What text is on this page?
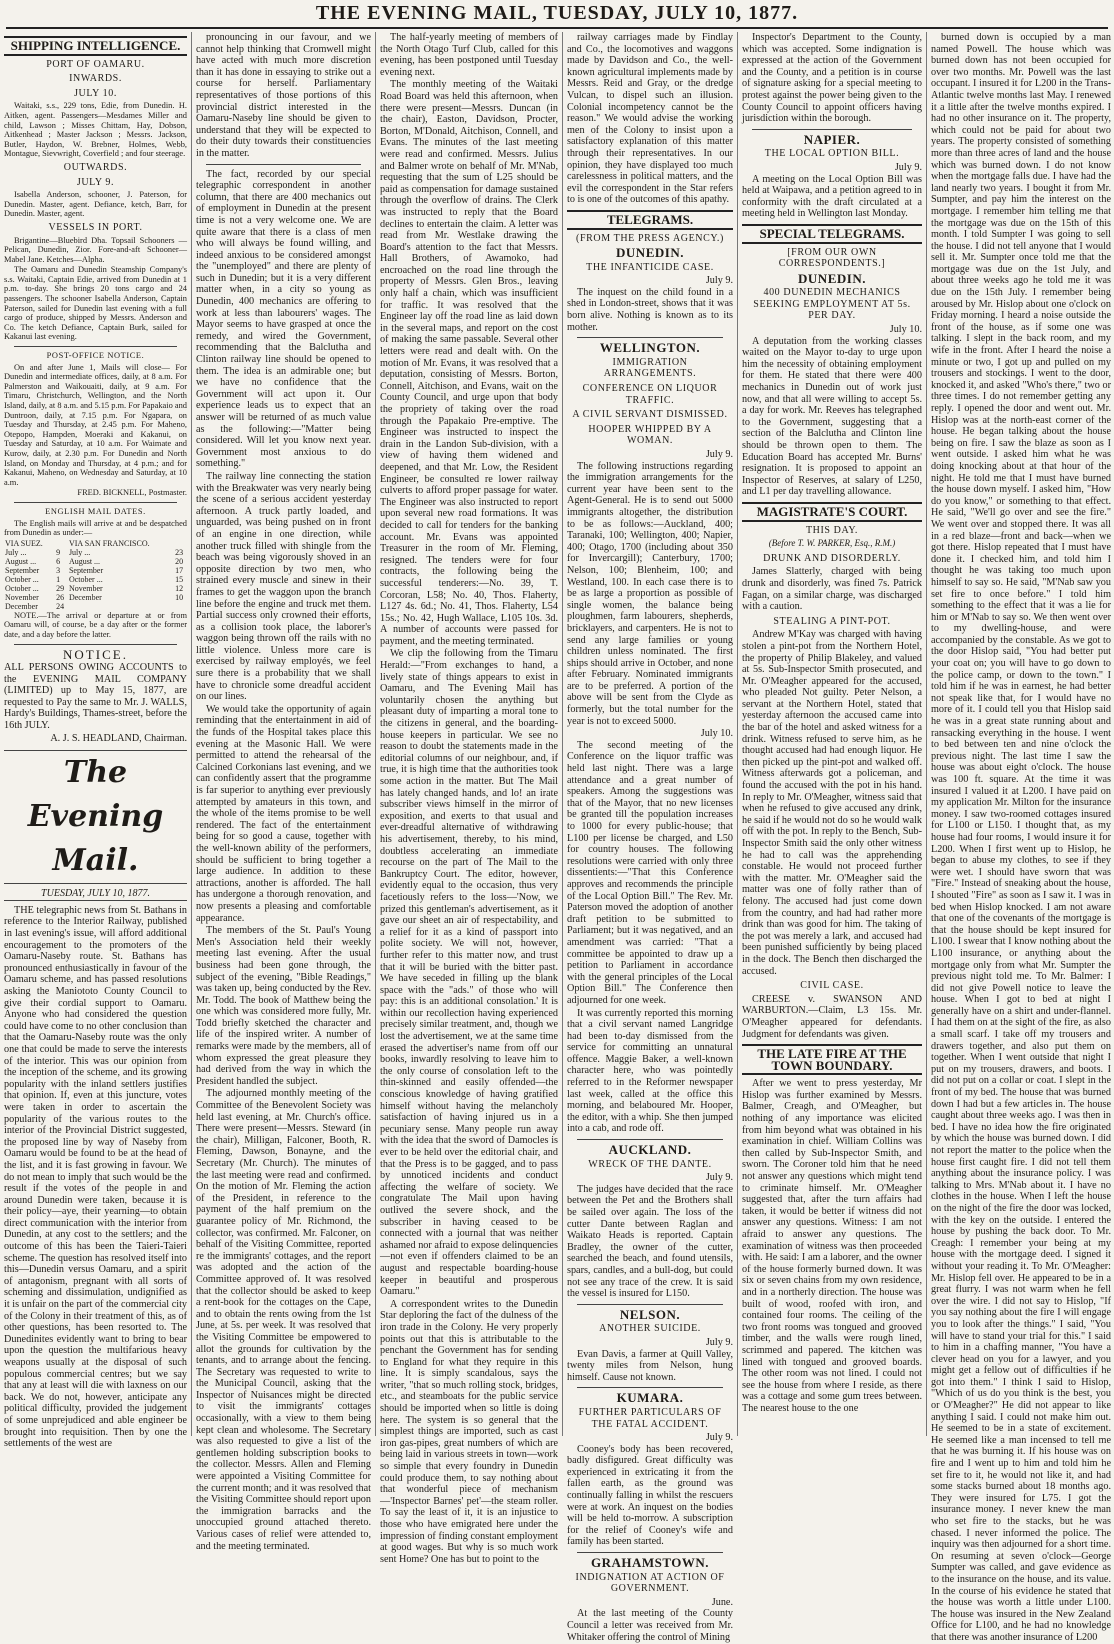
THE EVENING MAIL, TUESDAY, JULY 10, 1877.
SHIPPING INTELLIGENCE.
PORT OF OAMARU.
INWARDS.
JULY 10.

Waitaki, s.s., 229 tons, Edie, from Dunedin. H. Aitken, agent. Passengers—Mesdames Miller and child, Lawson ; Misses Chittam, Hay, Dobson, Aitkenhead ; Master Jackson ; Messrs. Jackson, Butler, Haydon, W. Brebner, Holmes, Webb, Montague, Sievwright, Coverfield ; and four steerage.

OUTWARDS.
JULY 9.

Isabella Anderson, schooner, J. Paterson, for Dunedin. Master, agent. Defiance, ketch, Barr, for Dunedin. Master, agent.

VESSELS IN PORT.

Brigantine—Bluebird Dha. Topsail Schooners — Pelican, Dunedin, Zior. Fore-and-aft Schooner—Mabel Jane. Ketches—Alpha.

The Oamaru and Dunedin Steamship Company's s.s. Waitaki, Captain Edie, arrived from Dunedin at 1 p.m. to-day. She brings 20 tons cargo and 24 passengers. The schooner Isabella Anderson, Captain Paterson, sailed for Dunedin last evening with a full cargo of produce, shipped by Messrs. Anderson and Co. The ketch Defiance, Captain Burk, sailed for Kakanui last evening.

POST-OFFICE NOTICE.

On and after June 1, Mails will close— For Dunedin and intermediate offices, daily, at 8 a.m. For Palmerston and Waikouaiti, daily, at 9 a.m. For Timaru, Christchurch, Wellington, and the North Island, daily, at 8 a.m. and 5.15 p.m. For Papakaio and Duntroon, daily, at 7.15 p.m. For Ngapara, on Tuesday and Thursday, at 2.45 p.m. For Maheno, Otepopo, Hampden, Moeraki and Kakanui, on Tuesday and Saturday, at 10 a.m. For Waimate and Kurow, daily, at 2.30 p.m. For Dunedin and North Island, on Monday and Thursday, at 4 p.m.; and for Kakanui, Maheno, on Wednesday and Saturday, at 10 a.m.

FRED. BICKNELL, Postmaster.
ENGLISH MAIL DATES.

The English mails will arrive at and be despatched from Dunedin as under:—

VIA SUEZ.		VIA SAN FRANCISCO.	
July ...	9	July ...	23
August ...	6	August ...	20
September	3	September	17
October ...	1	October ...	15
October ...	29	November	12
November	26	December	10
December	24		

NOTE.—The arrival or departure at or from Oamaru will, of course, be a day after or the former date, and a day before the latter.

NOTICE.

ALL PERSONS OWING ACCOUNTS to the EVENING MAIL COMPANY (LIMITED) up to May 15, 1877, are requested to Pay the same to Mr. J. WALLS, Hardy's Buildings, Thames-street, before the 16th JULY.

A. J. S. HEADLAND, Chairman.
The Evening Mail.
TUESDAY, JULY 10, 1877.

THE telegraphic news from St. Bathans in reference to the Interior Railway, published in last evening's issue, will afford additional encouragement to the promoters of the Oamaru-Naseby route. St. Bathans has pronounced enthusiastically in favour of the Oamaru scheme, and has passed resolutions asking the Maniototo County Council to give their cordial support to Oamaru. Anyone who had considered the question could have come to no other conclusion than that the Oamaru-Naseby route was the only one that could be made to serve the interests of the interior. This was our opinion from the inception of the scheme, and its growing popularity with the inland settlers justifies that opinion. If, even at this juncture, votes were taken in order to ascertain the popularity of the various routes to the interior of the Provincial District suggested, the proposed line by way of Naseby from Oamaru would be found to be at the head of the list, and it is fast growing in favour. We do not mean to imply that such would be the result if the votes of the people in and around Dunedin were taken, because it is their policy—aye, their yearning—to obtain direct communication with the interior from Dunedin, at any cost to the settlers; and the outcome of this has been the Taieri-Taieri scheme. The question has resolved itself into this—Dunedin versus Oamaru, and a spirit of antagonism, pregnant with all sorts of scheming and dissimulation, undignified as it is unfair on the part of the commercial city of the Colony in their treatment of this, as of other questions, has been resorted to. The Dunedinites evidently want to bring to bear upon the question the multifarious heavy weapons usually at the disposal of such populous commercial centres; but we say that any at least will die with laxness on our back. We do not, however, anticipate any political difficulty, provided the judgement of some unprejudiced and able engineer be brought into requisition. Then by one the settlements of the west are

pronouncing in our favour, and we cannot help thinking that Cromwell might have acted with much more discretion than it has done in essaying to strike out a course for herself. Parliamentary representatives of those portions of this provincial district interested in the Oamaru-Naseby line should be given to understand that they will be expected to do their duty towards their constituencies in the matter.

The fact, recorded by our special telegraphic correspondent in another column, that there are 400 mechanics out of employment in Dunedin at the present time is not a very welcome one. We are quite aware that there is a class of men who will always be found willing, and indeed anxious to be considered amongst the "unemployed" and there are plenty of such in Dunedin; but it is a very different matter when, in a city so young as Dunedin, 400 mechanics are offering to work at less than labourers' wages. The Mayor seems to have grasped at once the remedy, and wired the Government, recommending that the Balclutha and Clinton railway line should be opened to them. The idea is an admirable one; but we have no confidence that the Government will act upon it. Our experience leads us to expect that an answer will be returned of as much value as the following:—"Matter being considered. Will let you know next year. Government most anxious to do something."

The railway line connecting the station with the Breakwater was very nearly being the scene of a serious accident yesterday afternoon. A truck partly loaded, and unguarded, was being pushed on in front of an engine in one direction, while another truck filled with shingle from the beach was being vigorously shoved in an opposite direction by two men, who strained every muscle and sinew in their frames to get the waggon upon the branch line before the engine and truck met them. Partial success only crowned their efforts, as a collision took place, the laborer's waggon being thrown off the rails with no little violence. Unless more care is exercised by railway employés, we feel sure there is a probability that we shall have to chronicle some dreadful accident on our lines.

We would take the opportunity of again reminding that the entertainment in aid of the funds of the Hospital takes place this evening at the Masonic Hall. We were permitted to attend the rehearsal of the Calcined Corkonians last evening, and we can confidently assert that the programme is far superior to anything ever previously attempted by amateurs in this town, and the whole of the items promise to be well rendered. The fact of the entertainment being for so good a cause, together with the well-known ability of the performers, should be sufficient to bring together a large audience. In addition to these attractions, another is afforded. The hall has undergone a thorough renovation, and now presents a pleasing and comfortable appearance.

The members of the St. Paul's Young Men's Association held their weekly meeting last evening. After the usual business had been gone through, the subject of the evening, "Bible Readings," was taken up, being conducted by the Rev. Mr. Todd. The book of Matthew being the one which was considered more fully, Mr. Todd briefly sketched the character and life of the inspired writer. A number of remarks were made by the members, all of whom expressed the great pleasure they had derived from the way in which the President handled the subject.

The adjourned monthly meeting of the Committee of the Benevolent Society was held last evening, at Mr. Church's office. There were present—Messrs. Steward (in the chair), Milligan, Falconer, Booth, R. Fleming, Dawson, Bonayne, and the Secretary (Mr. Church). The minutes of the last meeting were read and confirmed. On the motion of Mr. Fleming the action of the President, in reference to the payment of the half premium on the guarantee policy of Mr. Richmond, the collector, was confirmed. Mr. Falconer, on behalf of the Visiting Committee, reported re the immigrants' cottages, and the report was adopted and the action of the Committee approved of. It was resolved that the collector should be asked to keep a rent-book for the cottages on the Cape, and to obtain the rents owing from the 1st June, at 5s. per week. It was resolved that the Visiting Committee be empowered to allot the grounds for cultivation by the tenants, and to arrange about the fencing. The Secretary was requested to write to the Municipal Council, asking that the Inspector of Nuisances might be directed to visit the immigrants' cottages occasionally, with a view to them being kept clean and wholesome. The Secretary was also requested to give a list of the gentlemen holding subscription books to the collector. Messrs. Allen and Fleming were appointed a Visiting Committee for the current month; and it was resolved that the Visiting Committee should report upon the immigration barracks and the unoccupied ground attached thereto. Various cases of relief were attended to, and the meeting terminated.

The half-yearly meeting of members of the North Otago Turf Club, called for this evening, has been postponed until Tuesday evening next.

The monthly meeting of the Waitaki Road Board was held this afternoon, when there were present—Messrs. Duncan (in the chair), Easton, Davidson, Procter, Borton, M'Donald, Aitchison, Connell, and Evans. The minutes of the last meeting were read and confirmed. Messrs. Julius and Balmer wrote on behalf of Mr. M'Nab, requesting that the sum of L25 should be paid as compensation for damage sustained through the overflow of drains. The Clerk was instructed to reply that the Board declines to entertain the claim. A letter was read from Mr. Westlake drawing the Board's attention to the fact that Messrs. Hall Brothers, of Awamoko, had encroached on the road line through the property of Messrs. Glen Bros., leaving only half a chain, which was insufficient for traffic. It was resolved that the Engineer lay off the road line as laid down in the several maps, and report on the cost of making the same passable. Several other letters were read and dealt with. On the motion of Mr. Evans, it was resolved that a deputation, consisting of Messrs. Borton, Connell, Aitchison, and Evans, wait on the County Council, and urge upon that body the propriety of taking over the road through the Papakaio Pre-emptive. The Engineer was instructed to inspect the drain in the Landon Sub-division, with a view of having them widened and deepened, and that Mr. Low, the Resident Engineer, be consulted re lower railway culverts to afford proper passage for water. The Engineer was also instructed to report upon several new road formations. It was decided to call for tenders for the banking account. Mr. Evans was appointed Treasurer in the room of Mr. Fleming, resigned. The tenders were for four contracts, the following being the successful tenderers:—No. 39, T. Corcoran, L58; No. 40, Thos. Flaherty, L127 4s. 6d.; No. 41, Thos. Flaherty, L54 15s.; No. 42, Hugh Wallace, L105 10s. 3d. A number of accounts were passed for payment, and the meeting terminated.

We clip the following from the Timaru Herald:—"From exchanges to hand, a lively state of things appears to exist in Oamaru, and The Evening Mail has voluntarily chosen the anything but pleasant duty of imparting a moral tone to the citizens in general, and the boarding-house keepers in particular. We see no reason to doubt the statements made in the editorial columns of our neighbour, and, if true, it is high time that the authorities took some action in the matter. But The Mail has lately changed hands, and lo! an irate subscriber views himself in the mirror of exposition, and exerts to that usual and ever-dreadful alternative of withdrawing his advertisement, thereby, to his mind, doubtless accelerating an immediate recourse on the part of The Mail to the Bankruptcy Court. The editor, however, evidently equal to the occasion, thus very facetiously refers to the loss—'Now, we prized this gentleman's advertisement, as it gave our sheet an air of respectability, and a relief for it as a kind of passport into polite society. We will not, however, further refer to this matter now, and trust that it will be buried with the bitter past. We have seceded in filling up the blank space with the "ads." of those who will pay: this is an additional consolation.' It is within our recollection having experienced precisely similar treatment, and, though we lost the advertisement, we at the same time erased the advertiser's name from off our books, inwardly resolving to leave him to the only course of consolation left to the thin-skinned and easily offended—the conscious knowledge of having gratified himself without having the melancholy satisfaction of having injured us in a pecuniary sense. Many people run away with the idea that the sword of Damocles is ever to be held over the editorial chair, and that the Press is to be gagged, and to pass by unnoticed incidents and conduct affecting the welfare of society. We congratulate The Mail upon having outlived the severe shock, and the subscriber in having ceased to be connected with a journal that was neither ashamed nor afraid to expose delinquencies—not even if offenders claimed to be an august and respectable boarding-house keeper in beautiful and prosperous Oamaru."

A correspondent writes to the Dunedin Star deploring the fact of the dulness of the iron trade in the Colony. He very properly points out that this is attributable to the penchant the Government has for sending to England for what they require in this line. It is simply scandalous, says the writer, "that so much rolling stock, bridges, etc., and steamboats for the public service should be imported when so little is doing here. The system is so general that the simplest things are imported, such as cast iron gas-pipes, great numbers of which are being laid in various streets in town—work so simple that every foundry in Dunedin could produce them, to say nothing about that wonderful piece of mechanism—'Inspector Barnes' pet'—the steam roller. To say the least of it, it is an injustice to those who have emigrated here under the impression of finding constant employment at good wages. But why is so much work sent Home? One has but to point to the

railway carriages made by Findlay and Co., the locomotives and waggons made by Davidson and Co., the well-known agricultural implements made by Messrs. Reid and Gray, or the dredge Vulcan, to dispel such an illusion. Colonial incompetency cannot be the reason." We would advise the working men of the Colony to insist upon a satisfactory explanation of this matter through their representatives. In our opinion, they have displayed too much carelessness in political matters, and the evil the correspondent in the Star refers to is one of the outcomes of this apathy.

TELEGRAMS.
(FROM THE PRESS AGENCY.)
DUNEDIN.
THE INFANTICIDE CASE.
July 9.

The inquest on the child found in a shed in London-street, shows that it was born alive. Nothing is known as to its mother.

WELLINGTON.
IMMIGRATION ARRANGEMENTS.
CONFERENCE ON LIQUOR TRAFFIC.
A CIVIL SERVANT DISMISSED.
HOOPER WHIPPED BY A WOMAN.
July 9.

The following instructions regarding the immigration arrangements for the current year have been sent to the Agent-General. He is to send out 5000 immigrants altogether, the distribution to be as follows:—Auckland, 400; Taranaki, 100; Wellington, 400; Napier, 400; Otago, 1700 (including about 350 for Invercargill); Canterbury, 1700; Nelson, 100; Blenheim, 100; and Westland, 100. In each case there is to be as large a proportion as possible of single women, the balance being ploughmen, farm labourers, shepherds, bricklayers, and carpenters. He is not to send any large families or young children unless nominated. The first ships should arrive in October, and none after February. Nominated immigrants are to be preferred. A portion of the above will be sent from the Clyde as formerly, but the total number for the year is not to exceed 5000.

July 10.

The second meeting of the Conference on the liquor traffic was held last night. There was a large attendance and a great number of speakers. Among the suggestions was that of the Mayor, that no new licenses be granted till the population increases to 1000 for every public-house; that L100 per license be charged, and L50 for country houses. The following resolutions were carried with only three dissentients:—"That this Conference approves and recommends the principle of the Local Option Bill." The Rev. Mr. Paterson moved the adoption of another draft petition to be submitted to Parliament; but it was negatived, and an amendment was carried: "That a committee be appointed to draw up a petition to Parliament in accordance with the general principles of the Local Option Bill." The Conference then adjourned for one week.

It was currently reported this morning that a civil servant named Langridge had been to-day dismissed from the service for committing an unnatural offence. Maggie Baker, a well-known character here, who was pointedly referred to in the Reformer newspaper last week, called at the office this morning, and belaboured Mr. Hooper, the editor, with a whip. She then jumped into a cab, and rode off.

AUCKLAND.
WRECK OF THE DANTE.
July 9.

The judges have decided that the race between the Pet and the Brothers shall be sailed over again. The loss of the cutter Dante between Raglan and Waikato Heads is reported. Captain Bradley, the owner of the cutter, searched the beach, and found utensils, spars, candles, and a bull-dog, but could not see any trace of the crew. It is said the vessel is insured for L150.

NELSON.
ANOTHER SUICIDE.
July 9.

Evan Davis, a farmer at Quill Valley, twenty miles from Nelson, hung himself. Cause not known.

KUMARA.
FURTHER PARTICULARS OF THE FATAL ACCIDENT.
July 9.

Cooney's body has been recovered, badly disfigured. Great difficulty was experienced in extricating it from the fallen earth, as the ground was continually falling in whilst the rescuers were at work. An inquest on the bodies will be held to-morrow. A subscription for the relief of Cooney's wife and family has been started.

GRAHAMSTOWN.
INDIGNATION AT ACTION OF GOVERNMENT.
June.

At the last meeting of the County Council a letter was received from Mr. Whitaker offering the control of Mining

Inspector's Department to the County, which was accepted. Some indignation is expressed at the action of the Government and the County, and a petition is in course of signature asking for a special meeting to protest against the power being given to the County Council to appoint officers having jurisdiction within the borough.

NAPIER.
THE LOCAL OPTION BILL.
July 9.

A meeting on the Local Option Bill was held at Waipawa, and a petition agreed to in conformity with the draft circulated at a meeting held in Wellington last Monday.

SPECIAL TELEGRAMS.
[FROM OUR OWN CORRESPONDENTS.]
DUNEDIN.
400 DUNEDIN MECHANICS SEEKING EMPLOYMENT AT 5s. PER DAY.
July 10.

A deputation from the working classes waited on the Mayor to-day to urge upon him the necessity of obtaining employment for them. He stated that there were 400 mechanics in Dunedin out of work just now, and that all were willing to accept 5s. a day for work. Mr. Reeves has telegraphed to the Government, suggesting that a section of the Balclutha and Clinton line should be thrown open to them. The Education Board has accepted Mr. Burns' resignation. It is proposed to appoint an Inspector of Reserves, at salary of L250, and L1 per day travelling allowance.

MAGISTRATE'S COURT.
THIS DAY.
(Before T. W. PARKER, Esq., R.M.)
DRUNK AND DISORDERLY.

James Slatterly, charged with being drunk and disorderly, was fined 7s. Patrick Fagan, on a similar charge, was discharged with a caution.

STEALING A PINT-POT.

Andrew M'Kay was charged with having stolen a pint-pot from the Northern Hotel, the property of Philip Blakeley, and valued at 5s. Sub-Inspector Smith prosecuted, and Mr. O'Meagher appeared for the accused, who pleaded Not guilty. Peter Nelson, a servant at the Northern Hotel, stated that yesterday afternoon the accused came into the bar of the hotel and asked witness for a drink. Witness refused to serve him, as he thought accused had had enough liquor. He then picked up the pint-pot and walked off. Witness afterwards got a policeman, and found the accused with the pot in his hand. In reply to Mr. O'Meagher, witness said that when he refused to give accused any drink, he said if he would not do so he would walk off with the pot. In reply to the Bench, Sub-Inspector Smith said the only other witness he had to call was the apprehending constable. He would not proceed further with the matter. Mr. O'Meagher said the matter was one of folly rather than of felony. The accused had just come down from the country, and had had rather more drink than was good for him. The taking of the pot was merely a lark, and accused had been punished sufficiently by being placed in the dock. The Bench then discharged the accused.

CIVIL CASE.

CREESE v. SWANSON AND WARBURTON.—Claim, L3 15s. Mr. O'Meagher appeared for defendants. Judgment for defendants was given.

THE LATE FIRE AT THE TOWN BOUNDARY.

After we went to press yesterday, Mr Hislop was further examined by Messrs. Balmer, Creagh, and O'Meagher, but nothing of any importance was elicited from him beyond what was obtained in his examination in chief. William Collins was then called by Sub-Inspector Smith, and sworn. The Coroner told him that he need not answer any questions which might tend to criminate himself. Mr. O'Meagher suggested that, after the turn affairs had taken, it would be better if witness did not answer any questions. Witness: I am not afraid to answer any questions. The examination of witness was then proceeded with. He said: I am a laborer, and the owner of the house formerly burned down. It was six or seven chains from my own residence, and in a northerly direction. The house was built of wood, roofed with iron, and contained four rooms. The ceiling of the two front rooms was tongued and grooved timber, and the walls were rough lined, scrimmed and papered. The kitchen was lined with tongued and grooved boards. The other room was not lined. I could not see the house from where I reside, as there was a cottage and some gum trees between. The nearest house to the one

burned down is occupied by a man named Powell. The house which was burned down has not been occupied for over two months. Mr. Powell was the last occupant. I insured it for L200 in the Trans-Atlantic twelve months last May. I renewed it a little after the twelve months expired. I had no other insurance on it. The property, which could not be paid for about two years. The property consisted of something more than three acres of land and the house which was burned down. I do not know when the mortgage falls due. I have had the land nearly two years. I bought it from Mr. Sumpter, and pay him the interest on the mortgage. I remember him telling me that the mortgage was due on the 15th of this month. I told Sumpter I was going to sell the house. I did not tell anyone that I would sell it. Mr. Sumpter once told me that the mortgage was due on the 1st July, and about three weeks ago he told me it was due on the 15th July. I remember being aroused by Mr. Hislop about one o'clock on Friday morning. I heard a noise outside the front of the house, as if some one was talking. I slept in the back room, and my wife in the front. After I heard the noise a minute or two, I got up and pulled on my trousers and stockings. I went to the door, knocked it, and asked "Who's there," two or three times. I do not remember getting any reply. I opened the door and went out. Mr. Hislop was at the north-east corner of the house. He began talking about the house being on fire. I saw the blaze as soon as I went outside. I asked him what he was doing knocking about at that hour of the night. He told me that I must have burned the house down myself. I asked him, "How do you know," or something to that effect. He said, "We'll go over and see the fire." We went over and stopped there. It was all in a red blaze—front and back—when we got there. Hislop repeated that I must have done it. I checked him, and told him I thought he was taking too much upon himself to say so. He said, "M'Nab saw you set fire to once before." I told him something to the effect that it was a lie for him or M'Nab to say so. We then went over to my dwelling-house, and were accompanied by the constable. As we got to the door Hislop said, "You had better put your coat on; you will have to go down to the police camp, or down to the town." I told him if he was in earnest, he had better not speak like that, for I would have no more of it. I could tell you that Hislop said he was in a great state running about and ransacking everything in the house. I went to bed between ten and nine o'clock the previous night. The last time I saw the house was about eight o'clock. The house was 100 ft. square. At the time it was insured I valued it at L200. I have paid on my application Mr. Milton for the insurance money. I saw two-roomed cottages insured for L100 or L150. I thought that, as my house had four rooms, I would insure it for L200. When I first went up to Hislop, he began to abuse my clothes, to see if they were wet. I should have sworn that was "Fire." Instead of sneaking about the house, I shouted "Fire" as soon as I saw it. I was in bed when Hislop knocked. I am not aware that one of the covenants of the mortgage is that the house should be kept insured for L100. I swear that I know nothing about the L100 insurance, or anything about the mortgage only from what Mr. Sumpter the previous night told me. To Mr. Balmer: I did not give Powell notice to leave the house. When I got to bed at night I generally have on a shirt and under-flannel. I had them on at the sight of the fire, as also a small scarf. I take off my trousers and drawers together, and also put them on together. When I went outside that night I put on my trousers, drawers, and boots. I did not put on a collar or coat. I slept in the front of my bed. The house that was burned down I had but a few articles in. The house caught about three weeks ago. I was then in bed. I have no idea how the fire originated by which the house was burned down. I did not report the matter to the police when the house first caught fire. I did not tell them anything about the insurance policy. I was talking to Mrs. M'Nab about it. I have no clothes in the house. When I left the house on the night of the fire the door was locked, with the key on the outside. I entered the house by pushing the back door. To Mr. Creagh: I remember your being at my house with the mortgage deed. I signed it without your reading it. To Mr. O'Meagher: Mr. Hislop fell over. He appeared to be in a great flurry. I was not warm when he fell over the wire. I did not say to Hislop, "If you say nothing about the fire I will engage you to look after the things." I said, "You will have to stand your trial for this." I said to him in a chaffing manner, "You have a clever head on you for a lawyer, and you might get a fellow out of difficulties if he got into them." I think I said to Hislop, "Which of us do you think is the best, you or O'Meagher?" He did not appear to like anything I said. I could not make him out. He seemed to be in a state of excitement. He seemed like a man incensed to tell me that he was burning it. If his house was on fire and I went up to him and told him he set fire to it, he would not like it, and had some stacks burned about 18 months ago. They were insured for L75. I got the insurance money. I never knew the man who set fire to the stacks, but he was chased. I never informed the police. The inquiry was then adjourned for a short time. On resuming at seven o'clock—George Sumpter was called, and gave evidence as to the insurance on the house, and its value. In the course of his evidence he stated that the house was worth a little under L100. The house was insured in the New Zealand Office for L100, and he had no knowledge that there was another insurance of L200
